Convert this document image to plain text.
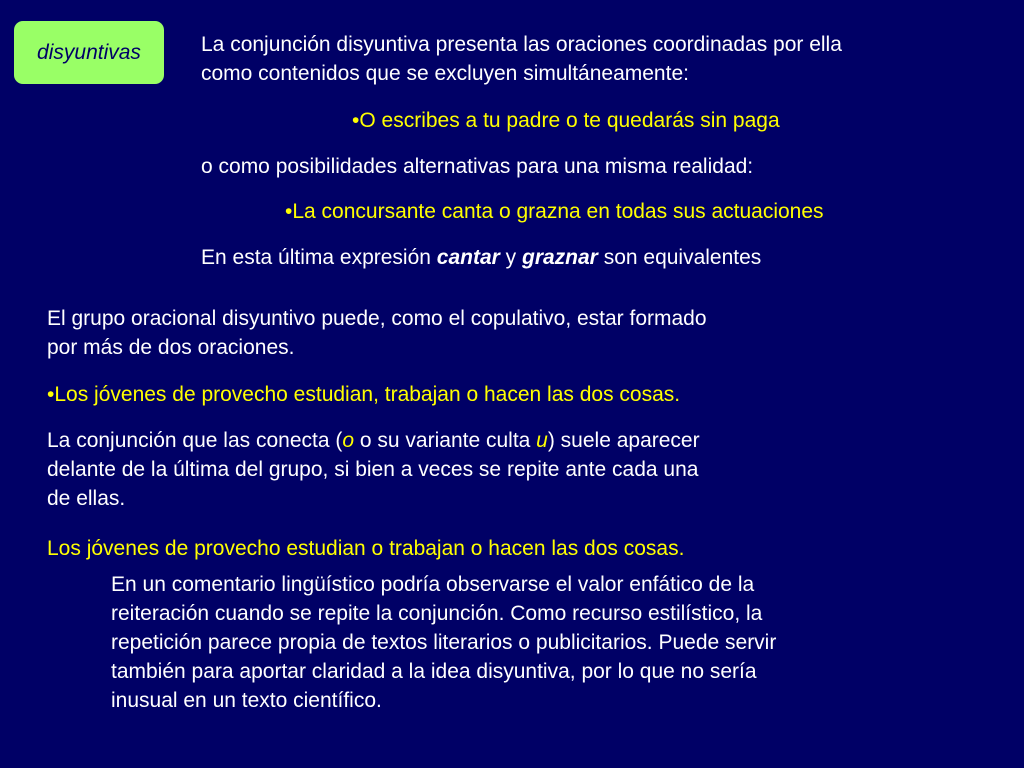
disyuntivas	La conjunción disyuntiva presenta las oraciones coordinadas por ella
como contenidos que se excluyen simultáneamente:
•O escribes a tu padre o te quedarás sin paga
o como posibilidades alternativas para una misma realidad:
•La concursante canta o grazna en todas sus actuaciones
En esta última expresión cantar y graznar son equivalentes
El grupo oracional disyuntivo puede, como el copulativo, estar formado
por más de dos oraciones.
•Los jóvenes de provecho estudian, trabajan o hacen las dos cosas.
La conjunción que las conecta (o o su variante culta u) suele aparecer
delante de la última del grupo, si bien a veces se repite ante cada una
de ellas.
Los jóvenes de provecho estudian o trabajan o hacen las dos cosas.
En un comentario lingüístico podría observarse el valor enfático de la
reiteración cuando se repite la conjunción. Como recurso estilístico, la
repetición parece propia de textos literarios o publicitarios. Puede servir
también para aportar claridad a la idea disyuntiva, por lo que no sería
inusual en un texto científico.
